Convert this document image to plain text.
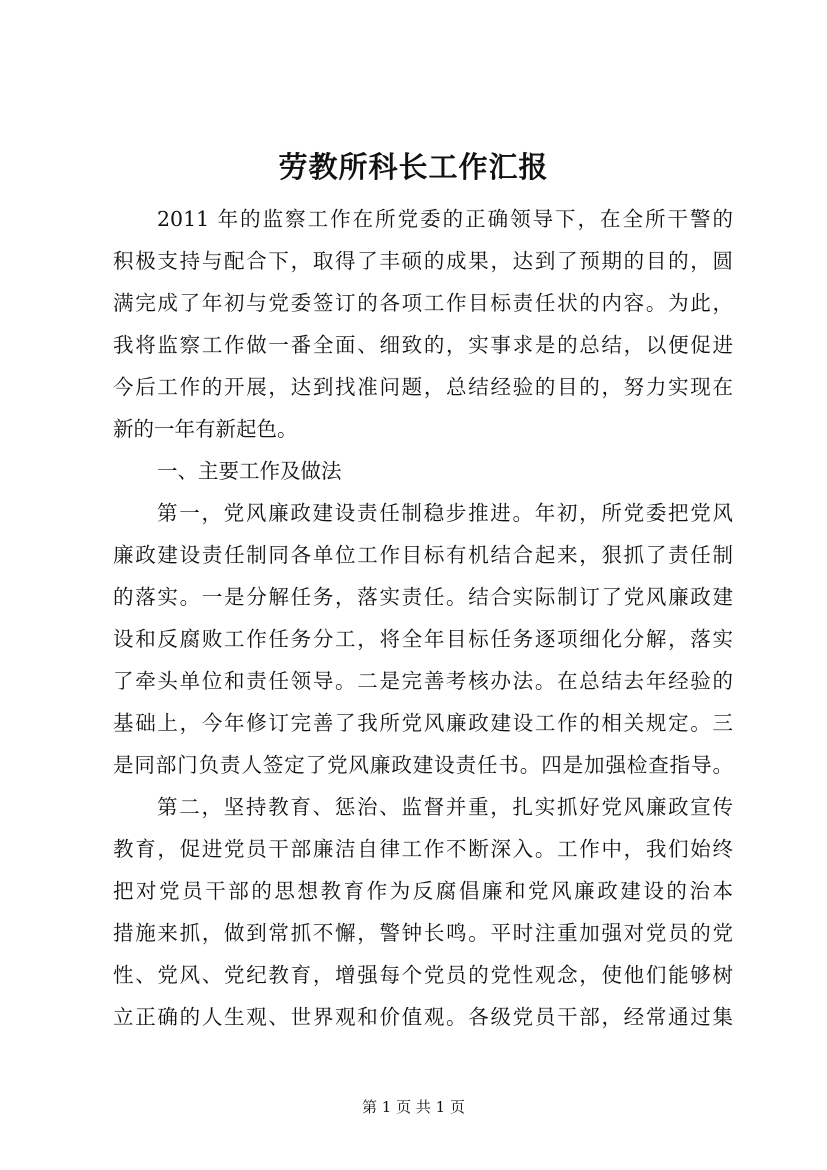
劳教所科长工作汇报
2011 年的监察工作在所党委的正确领导下，在全所干警的
积极支持与配合下，取得了丰硕的成果，达到了预期的目的，圆
满完成了年初与党委签订的各项工作目标责任状的内容。为此，
我将监察工作做一番全面、细致的，实事求是的总结，以便促进
今后工作的开展，达到找准问题，总结经验的目的，努力实现在
新的一年有新起色。
一、主要工作及做法
第一，党风廉政建设责任制稳步推进。年初，所党委把党风
廉政建设责任制同各单位工作目标有机结合起来，狠抓了责任制
的落实。一是分解任务，落实责任。结合实际制订了党风廉政建
设和反腐败工作任务分工，将全年目标任务逐项细化分解，落实
了牵头单位和责任领导。二是完善考核办法。在总结去年经验的
基础上，今年修订完善了我所党风廉政建设工作的相关规定。三
是同部门负责人签定了党风廉政建设责任书。四是加强检查指导。
第二，坚持教育、惩治、监督并重，扎实抓好党风廉政宣传
教育，促进党员干部廉洁自律工作不断深入。工作中，我们始终
把对党员干部的思想教育作为反腐倡廉和党风廉政建设的治本
措施来抓，做到常抓不懈，警钟长鸣。平时注重加强对党员的党
性、党风、党纪教育，增强每个党员的党性观念，使他们能够树
立正确的人生观、世界观和价值观。各级党员干部，经常通过集
第 1 页 共 1 页
